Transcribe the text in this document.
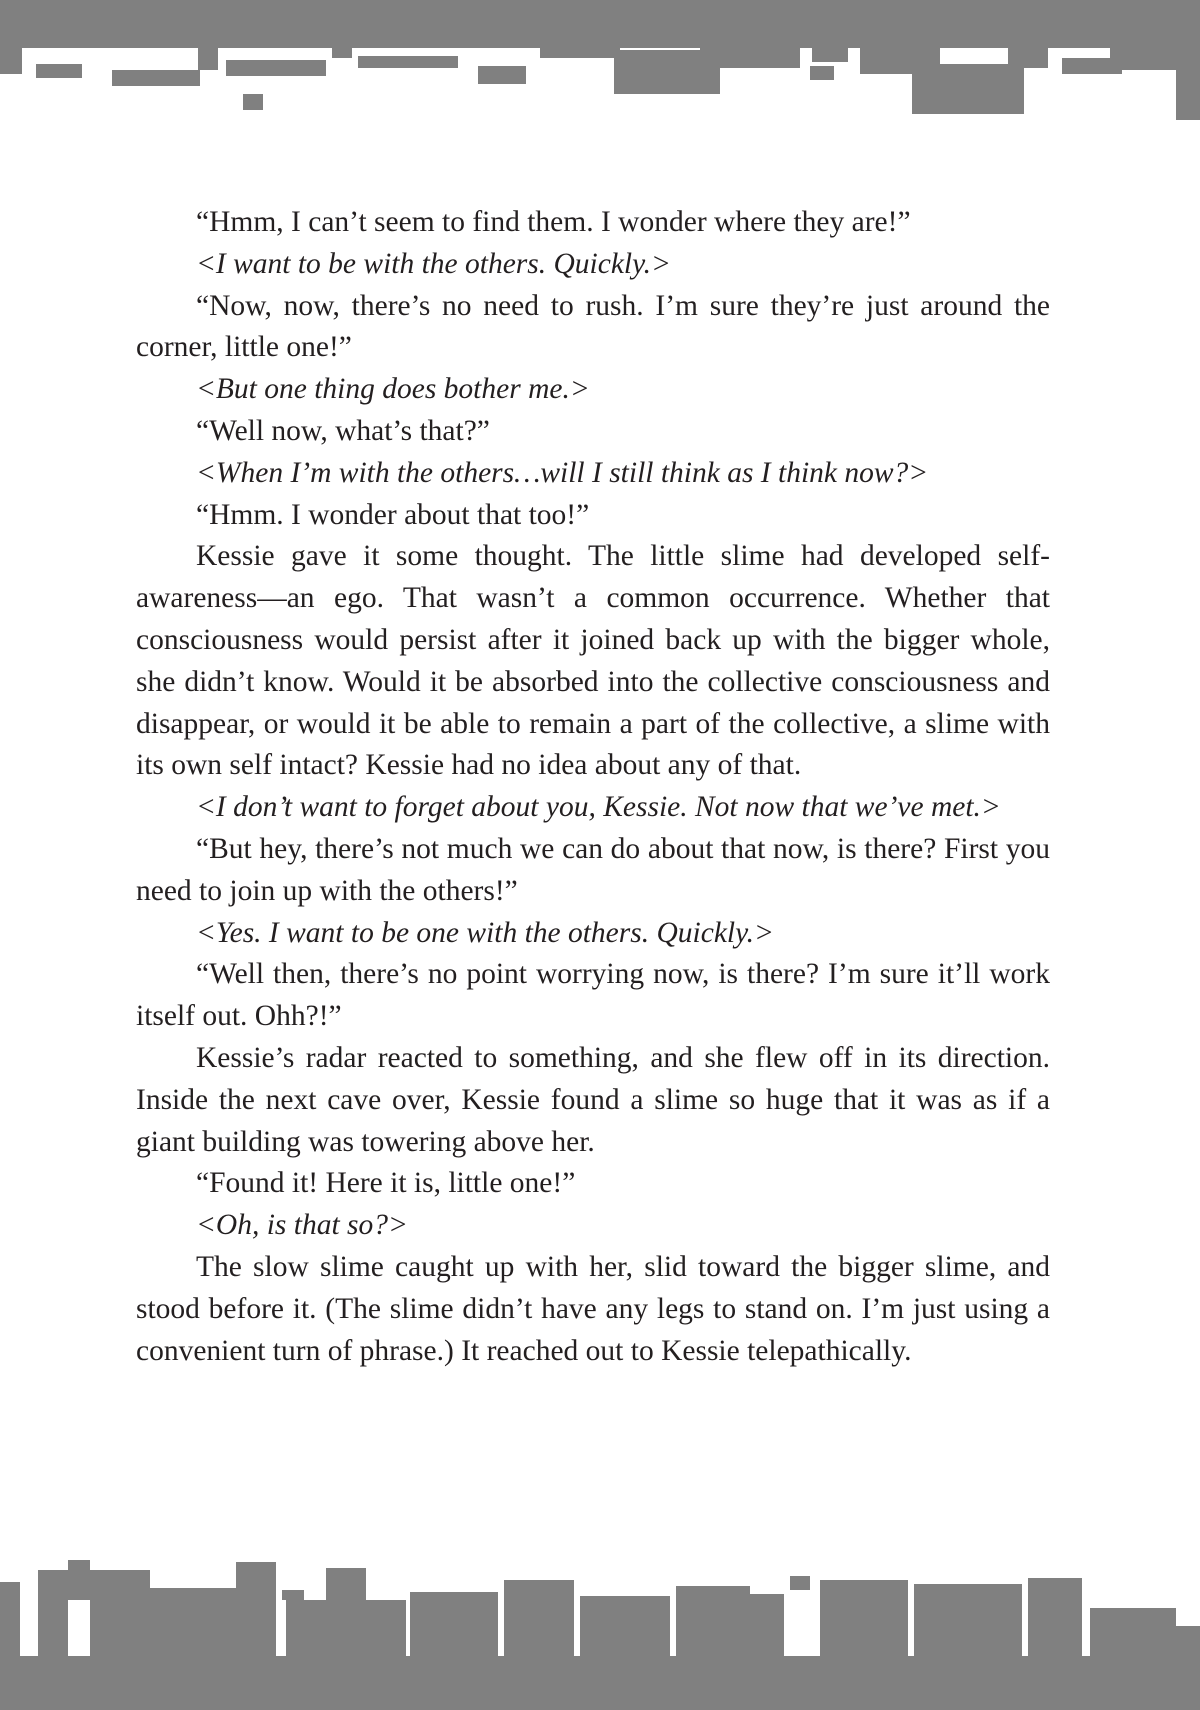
“Hmm, I can’t seem to find them. I wonder where they are!”

<I want to be with the others. Quickly.>

“Now, now, there’s no need to rush. I’m sure they’re just around the corner, little one!”

<But one thing does bother me.>

“Well now, what’s that?”

<When I’m with the others…will I still think as I think now?>

“Hmm. I wonder about that too!”

Kessie gave it some thought. The little slime had developed self-awareness—an ego. That wasn’t a common occurrence. Whether that consciousness would persist after it joined back up with the bigger whole, she didn’t know. Would it be absorbed into the collective consciousness and disappear, or would it be able to remain a part of the collective, a slime with its own self intact? Kessie had no idea about any of that.

<I don’t want to forget about you, Kessie. Not now that we’ve met.>

“But hey, there’s not much we can do about that now, is there? First you need to join up with the others!”

<Yes. I want to be one with the others. Quickly.>

“Well then, there’s no point worrying now, is there? I’m sure it’ll work itself out. Ohh?!”

Kessie’s radar reacted to something, and she flew off in its direction. Inside the next cave over, Kessie found a slime so huge that it was as if a giant building was towering above her.

“Found it! Here it is, little one!”

<Oh, is that so?>

The slow slime caught up with her, slid toward the bigger slime, and stood before it. (The slime didn’t have any legs to stand on. I’m just using a convenient turn of phrase.) It reached out to Kessie telepathically.
